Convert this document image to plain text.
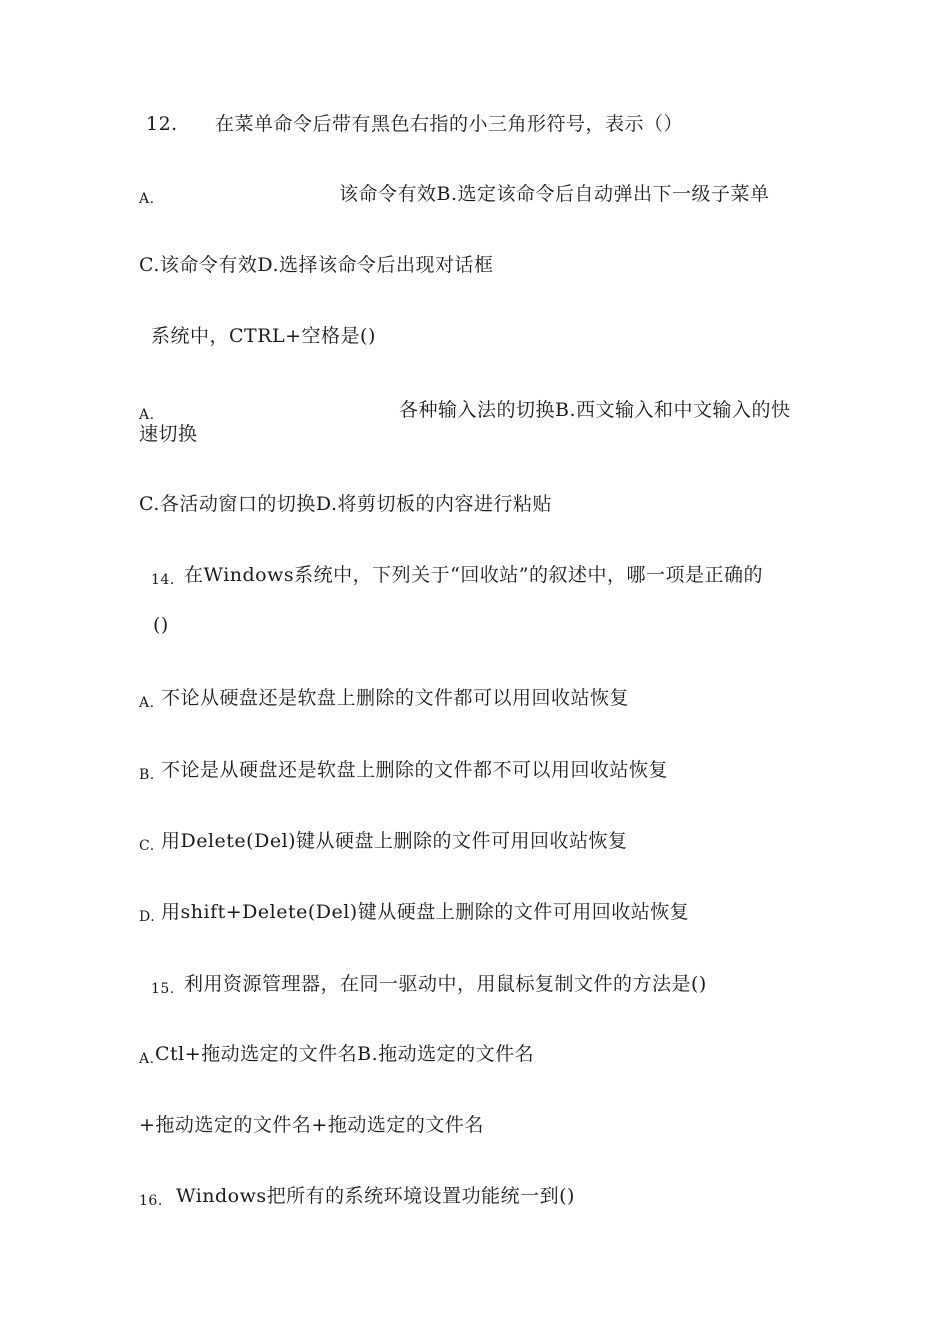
12. 在菜单命令后带有黑色右指的小三角形符号，表示（）
A.	该命令有效B.选定该命令后自动弹出下一级子菜单
C.该命令有效D.选择该命令后出现对话框
系统中，CTRL+空格是()
A.	各种输入法的切换B.西文输入和中文输入的快
速切换
C.各活动窗口的切换D.将剪切板的内容进行粘贴
14. 在Windows系统中，下列关于“回收站”的叙述中，哪一项是正确的
()
A. 不论从硬盘还是软盘上删除的文件都可以用回收站恢复
B. 不论是从硬盘还是软盘上删除的文件都不可以用回收站恢复
C. 用Delete(Del)键从硬盘上删除的文件可用回收站恢复
D. 用shift+Delete(Del)键从硬盘上删除的文件可用回收站恢复
15. 利用资源管理器，在同一驱动中，用鼠标复制文件的方法是()
A. Ctl+拖动选定的文件名B.拖动选定的文件名
+拖动选定的文件名+拖动选定的文件名
16. Windows把所有的系统环境设置功能统一到()
